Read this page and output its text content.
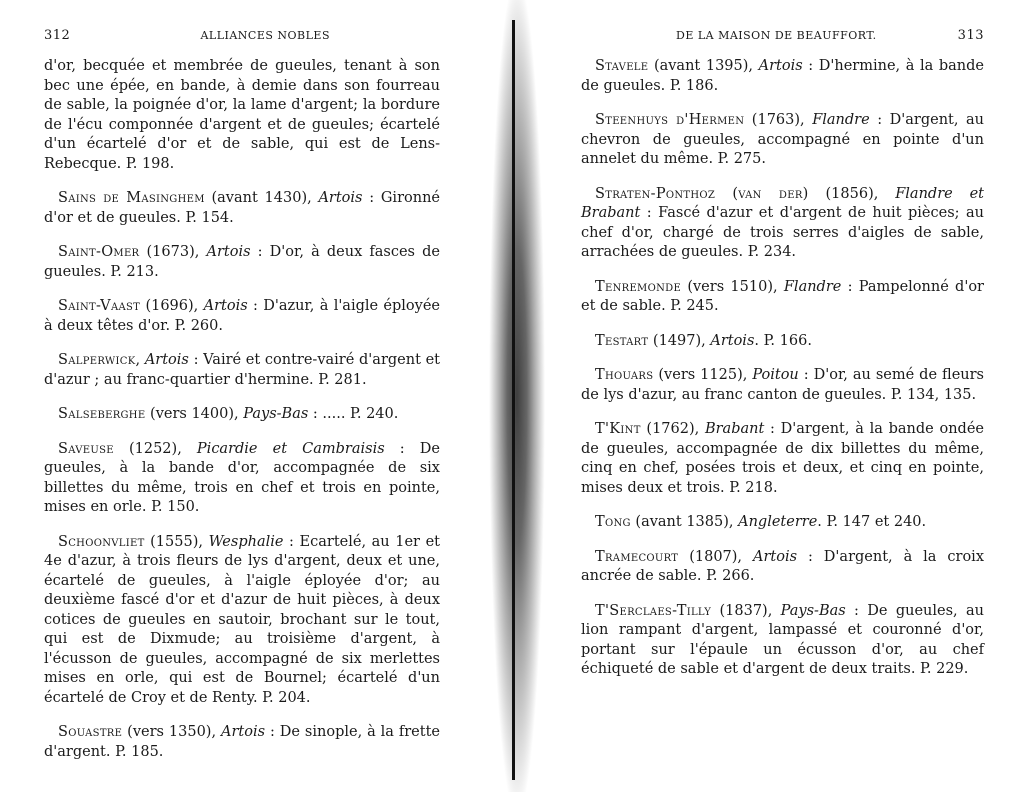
312	ALLIANCES NOBLES

d'or, becquée et membrée de gueules, tenant à son bec une épée, en bande, à demie dans son fourreau de sable, la poignée d'or, la lame d'argent; la bordure de l'écu componnée d'argent et de gueules; écartelé d'un écartelé d'or et de sable, qui est de Lens-Rebecque. P. 198.

Sains de Masinghem (avant 1430), Artois : Gironné d'or et de gueules. P. 154.

Saint-Omer (1673), Artois : D'or, à deux fasces de gueules. P. 213.

Saint-Vaast (1696), Artois : D'azur, à l'aigle éployée à deux têtes d'or. P. 260.

Salperwick, Artois : Vairé et contre-vairé d'argent et d'azur ; au franc-quartier d'hermine. P. 281.

Salseberghe (vers 1400), Pays-Bas : ..... P. 240.

Saveuse (1252), Picardie et Cambraisis : De gueules, à la bande d'or, accompagnée de six billettes du même, trois en chef et trois en pointe, mises en orle. P. 150.

Schoonvliet (1555), Wesphalie : Ecartelé, au 1er et 4e d'azur, à trois fleurs de lys d'argent, deux et une, écartelé de gueules, à l'aigle éployée d'or; au deuxième fascé d'or et d'azur de huit pièces, à deux cotices de gueules en sautoir, brochant sur le tout, qui est de Dixmude; au troisième d'argent, à l'écusson de gueules, accompagné de six merlettes mises en orle, qui est de Bournel; écartelé d'un écartelé de Croy et de Renty. P. 204.

Souastre (vers 1350), Artois : De sinople, à la frette d'argent. P. 185.

DE LA MAISON DE BEAUFFORT.	313

Stavele (avant 1395), Artois : D'hermine, à la bande de gueules. P. 186.

Steenhuys d'Hermen (1763), Flandre : D'argent, au chevron de gueules, accompagné en pointe d'un annelet du même. P. 275.

Straten-Ponthoz (van der) (1856), Flandre et Brabant : Fascé d'azur et d'argent de huit pièces; au chef d'or, chargé de trois serres d'aigles de sable, arrachées de gueules. P. 234.

Tenremonde (vers 1510), Flandre : Pampelonné d'or et de sable. P. 245.

Testart (1497), Artois. P. 166.

Thouars (vers 1125), Poitou : D'or, au semé de fleurs de lys d'azur, au franc canton de gueules. P. 134, 135.

T'Kint (1762), Brabant : D'argent, à la bande ondée de gueules, accompagnée de dix billettes du même, cinq en chef, posées trois et deux, et cinq en pointe, mises deux et trois. P. 218.

Tong (avant 1385), Angleterre. P. 147 et 240.

Tramecourt (1807), Artois : D'argent, à la croix ancrée de sable. P. 266.

T'Serclaes-Tilly (1837), Pays-Bas : De gueules, au lion rampant d'argent, lampassé et couronné d'or, portant sur l'épaule un écusson d'or, au chef échiqueté de sable et d'argent de deux traits. P. 229.
